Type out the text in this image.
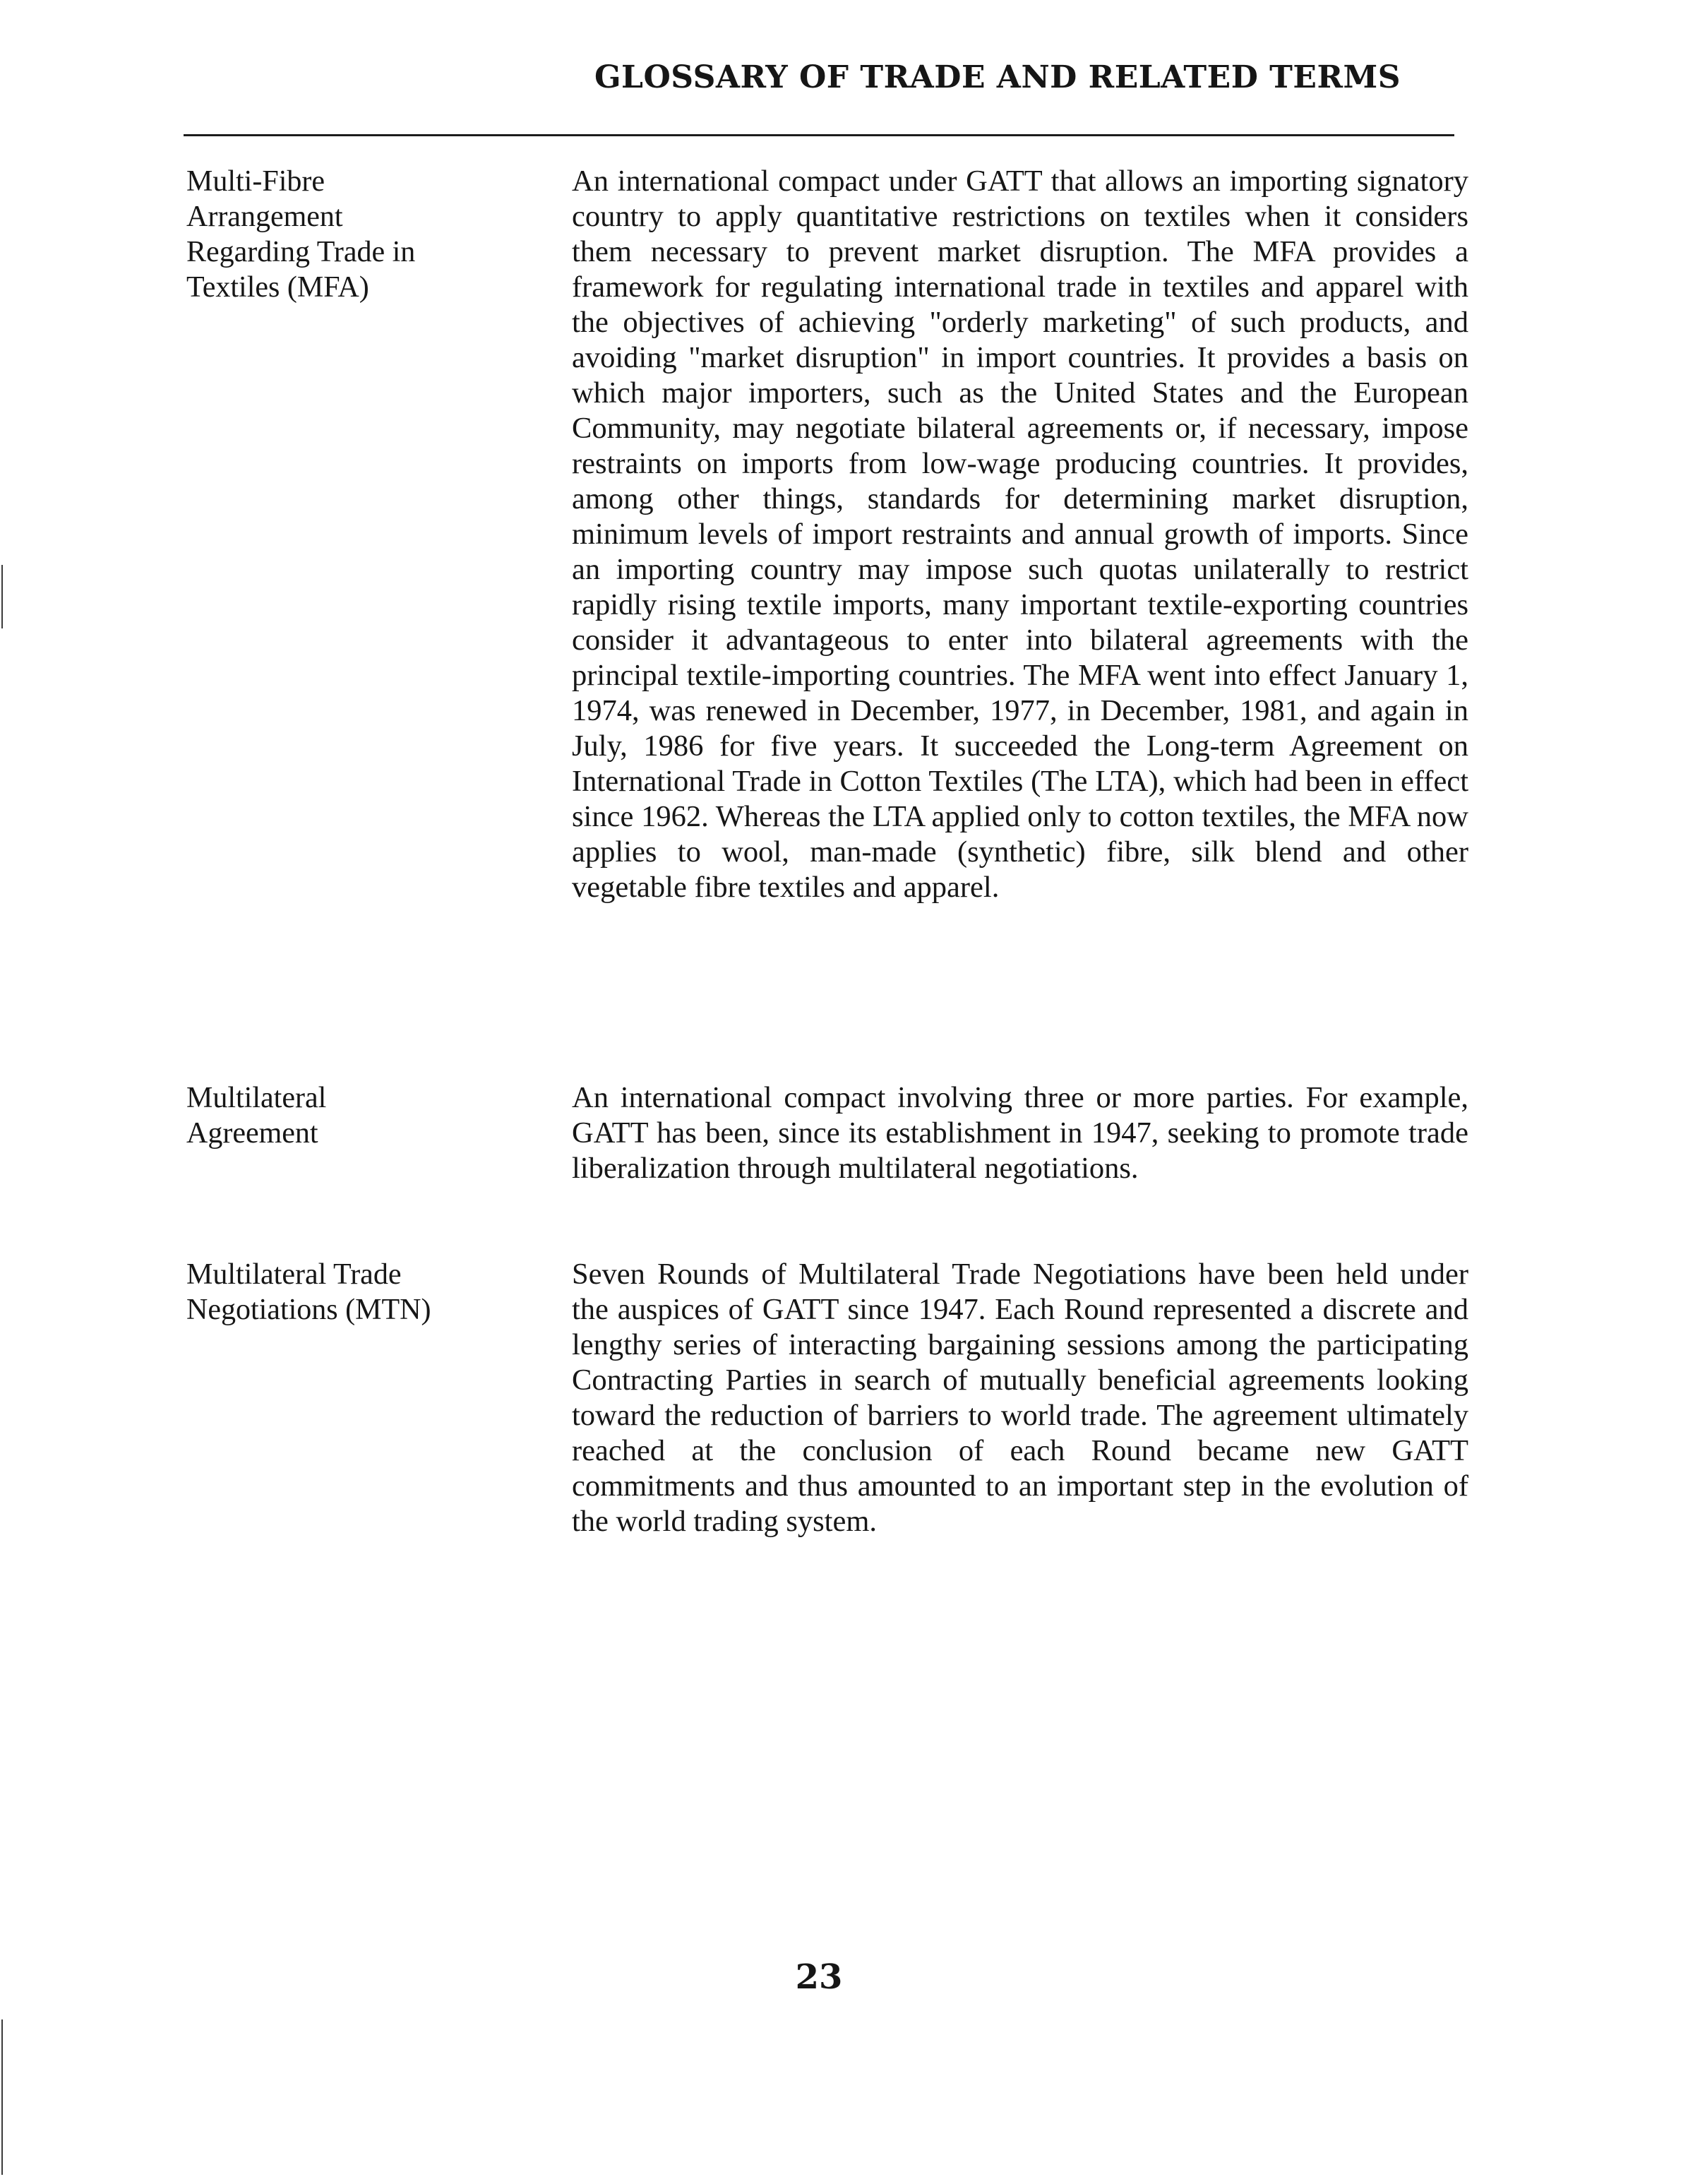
GLOSSARY OF TRADE AND RELATED TERMS
Multi-Fibre
Arrangement
Regarding Trade in
Textiles (MFA)

An international compact under GATT that allows an importing signatory country to apply quantitative restrictions on textiles when it considers them necessary to prevent market disruption. The MFA provides a framework for regulating international trade in textiles and apparel with the objectives of achieving "orderly marketing" of such products, and avoiding "market disruption" in import countries. It provides a basis on which major importers, such as the United States and the European Community, may negotiate bilateral agreements or, if necessary, impose restraints on imports from low-wage producing countries. It provides, among other things, standards for determining market disruption, minimum levels of import restraints and annual growth of imports. Since an importing country may impose such quotas unilaterally to restrict rapidly rising textile imports, many important textile-exporting countries consider it advantageous to enter into bilateral agreements with the principal textile-importing countries. The MFA went into effect January 1, 1974, was renewed in December, 1977, in December, 1981, and again in July, 1986 for five years. It succeeded the Long-term Agreement on International Trade in Cotton Textiles (The LTA), which had been in effect since 1962. Whereas the LTA applied only to cotton textiles, the MFA now applies to wool, man-made (synthetic) fibre, silk blend and other vegetable fibre textiles and apparel.

Multilateral
Agreement

An international compact involving three or more parties. For example, GATT has been, since its establishment in 1947, seeking to promote trade liberalization through multilateral negotiations.

Multilateral Trade
Negotiations (MTN)

Seven Rounds of Multilateral Trade Negotiations have been held under the auspices of GATT since 1947. Each Round represented a discrete and lengthy series of interacting bargaining sessions among the participating Contracting Parties in search of mutually beneficial agreements looking toward the reduction of barriers to world trade. The agreement ultimately reached at the conclusion of each Round became new GATT commitments and thus amounted to an important step in the evolution of the world trading system.

23
